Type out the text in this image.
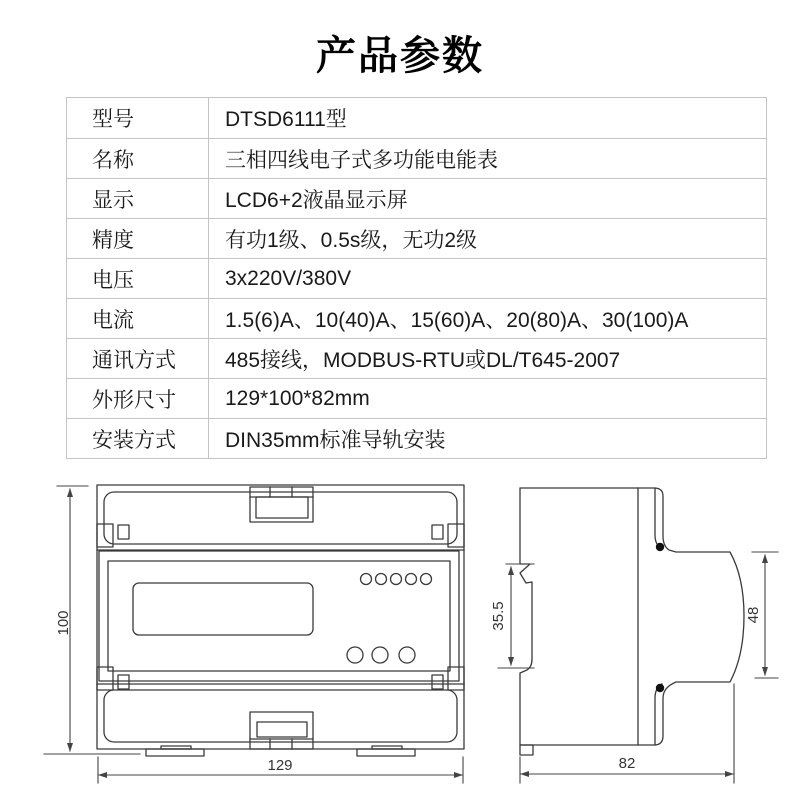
产品参数
型号	DTSD6111型
名称	三相四线电子式多功能电能表
显示	LCD6+2液晶显示屏
精度	有功1级、0.5s级，无功2级
电压	3x220V/380V
电流	1.5(6)A、10(40)A、15(60)A、20(80)A、30(100)A
通讯方式	485接线，MODBUS-RTU或DL/T645-2007
外形尺寸	129*100*82mm
安装方式	DIN35mm标准导轨安装
100
129
35.5	48
82
